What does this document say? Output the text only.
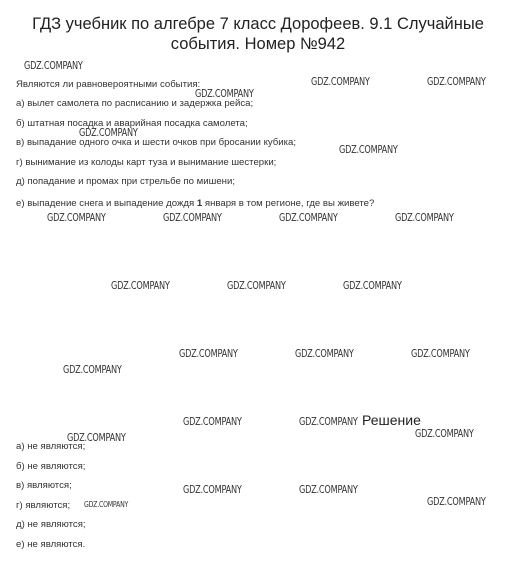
ГДЗ учебник по алгебре 7 класс Дорофеев. 9.1 Случайные события. Номер №942
Являются ли равновероятными события:
а) вылет самолета по расписанию и задержка рейса;
б) штатная посадка и аварийная посадка самолета;
в) выпадание одного очка и шести очков при бросании кубика;
г) вынимание из колоды карт туза и вынимание шестерки;
д) попадание и промах при стрельбе по мишени;
е) выпадение снега и выпадение дождя 1 января в том регионе, где вы живете?
Решение
а) не являются;
б) не являются;
в) являются;
г) являются;
д) не являются;
е) не являются.
GDZ.COMPANY
GDZ.COMPANY	GDZ.COMPANY
GDZ.COMPANY
GDZ.COMPANY
GDZ.COMPANY
GDZ.COMPANY	GDZ.COMPANY	GDZ.COMPANY	GDZ.COMPANY
GDZ.COMPANY	GDZ.COMPANY	GDZ.COMPANY
GDZ.COMPANY	GDZ.COMPANY	GDZ.COMPANY
GDZ.COMPANY
GDZ.COMPANY	GDZ.COMPANY
GDZ.COMPANY
GDZ.COMPANY
GDZ.COMPANY	GDZ.COMPANY
GDZ.COMPANY
GDZ.COMPANY
